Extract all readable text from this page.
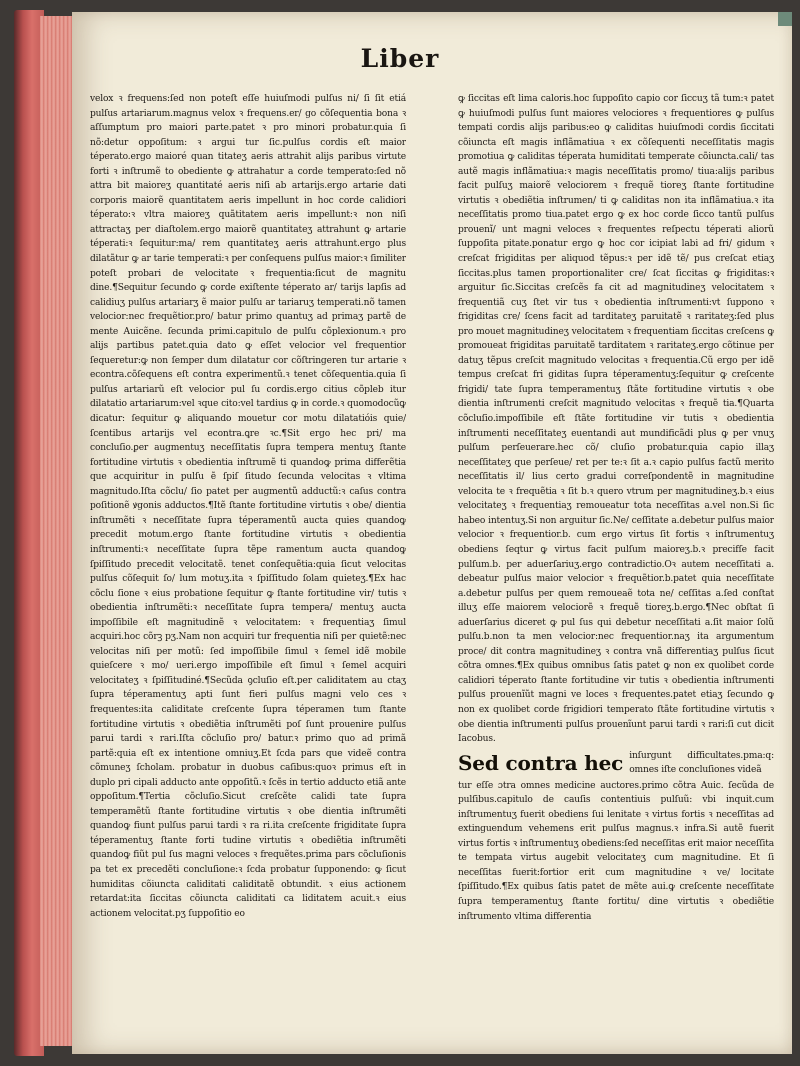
Liber

velox ꝛ frequens:ſed non poteſt eſſe huiuſmodi pulſus ni/ ſi ſit etiá pulſus artariarum.magnus velox ꝛ frequens.er/ go cõſequentia bona ꝛ aſſumptum pro maiori parte.patet ꝛ pro minori probatur.quia ſi nõ:detur oppoſitum: ꝛ argui tur ſic.pulſus cordis eſt maior téperato.ergo maioré quan titateʒ aeris attrahit alijs paribus virtute forti ꝛ inſtrumẽ to obediente ꝙ attrahatur a corde temperato:ſed nõ attra bit maioreʒ quantitaté aeris niſi ab artarijs.ergo artarie dati corporis maiorẽ quantitatem aeris impellunt in hoc corde calidiori téperato:ꝛ vltra maioreʒ quãtitatem aeris impellunt:ꝛ non niſi attractaʒ per diaſtolem.ergo maiorẽ quantitateʒ attrahunt ꝙ artarie téperati:ꝛ ſequitur:ma/ rem quantitateʒ aeris attrahunt.ergo plus dilatãtur ꝙ ar tarie temperati:ꝛ per conſequens pulſus maior:ꝛ ſimiliter poteſt probari de velocitate ꝛ frequentia:ſicut de magnitu dine.¶Sequitur ſecundo ꝙ corde exiſtente téperato ar/ tarijs lapſis ad calidiuʒ pulſus artariarʒ ẽ maior pulſu ar tariaruʒ temperati.nõ tamen velocior:nec frequẽtior.pro/ batur primo quantuʒ ad primaʒ partẽ de mente Auicẽne. ſecunda primi.capitulo de pulſu cõplexionum.ꝛ pro alijs partibus patet.quia dato ꝙ eſſet velocior vel frequentior ſequeretur:ꝙ non ſemper dum dilatatur cor cõſtringeren tur artarie ꝛ econtra.cõſequens eſt contra experimentũ.ꝛ tenet cõſequentia.quia ſi pulſus artariarũ eſt velocior pul ſu cordis.ergo citius cõpleb itur dilatatio artariarum:vel ꝛque cito:vel tardius ꝙ in corde.ꝛ quomodocũꝙ dicatur: ſequitur ꝙ aliquando mouetur cor motu dilatatióis quie/ ſcentibus artarijs vel econtra.ꝗre ꝛc.¶Sit ergo hec pri/ ma concluſio.ꝑer augmentuʒ neceſſitatis ſupra tempera mentuʒ ſtante fortitudine virtutis ꝛ obedientia inſtrumẽ ti quandoꝙ prima differẽtia que acquiritur in pulſu ẽ ſpiſ ſitudo ſecunda velocitas ꝛ vltima magnitudo.Iſta cõclu/ ſio patet per augmentũ adductũ:ꝛ caſus contra poſitionẽ ꝟgonis adductos.¶Itẽ ſtante fortitudine virtutis ꝛ obe/ dientia inſtrumẽti ꝛ neceſſitate ſupra téperamentũ aucta quies quandoꝙ precedit motum.ergo ſtante fortitudine virtutis ꝛ obedientia inſtrumenti:ꝛ neceſſitate ſupra tẽpe ramentum aucta quandoꝙ ſpiſſitudo precedit velocitatẽ. tenet conſequẽtia:quia ſicut velocitas pulſus cõſequit ſo/ lum motuʒ.ita ꝛ ſpiſſitudo ſolam quieteʒ.¶Ex hac cõclu ſione ꝛ eius probatione ſequitur ꝙ ſtante fortitudine vir/ tutis ꝛ obedientia inſtrumẽti:ꝛ neceſſitate ſupra tempera/ mentuʒ aucta impoſſibile eſt magnitudinẽ ꝛ velocitatem: ꝛ frequentiaʒ ſimul acquiri.hoc cõrꝫ pʒ.Nam non acquiri tur frequentia niſi per quietẽ:nec velocitas niſi per motũ: ſed impoſſibile ſimul ꝛ ſemel idẽ mobile quieſcere ꝛ mo/ ueri.ergo impoſſibile eſt ſimul ꝛ ſemel acquiri velocitateʒ ꝛ ſpiſſitudiné.¶Secũda ꝯcluſio eſt.per caliditatem au ctaʒ ſupra téperamentuʒ apti ſunt fieri pulſus magni velo ces ꝛ frequentes:ita caliditate creſcente ſupra téperamen tum ſtante fortitudine virtutis ꝛ obediẽtia inſtrumẽti poſ ſunt prouenire pulſus parui tardi ꝛ rari.Iſta cõcluſio pro/ batur.ꝛ primo quo ad primã partẽ:quia eſt ex intentione omniuʒ.Et ſcda pars que videẽ contra cõmuneʒ ſcholam. probatur in duobus caſibus:quoꝛ primus eſt in duplo pri cipali adducto ante oppoſitũ.ꝛ ſcẽs in tertio adducto etiã ante oppoſitum.¶Tertia cõcluſio.Sicut creſcẽte calidi tate ſupra temperamẽtũ ſtante fortitudine virtutis ꝛ obe dientia inſtrumẽti quandoꝙ fiunt pulſus parui tardi ꝛ ra ri.ita creſcente frigiditate ſupra téperamentuʒ ſtante forti tudine virtutis ꝛ obediẽtia inſtrumẽti quandoꝙ fiũt pul ſus magni veloces ꝛ frequẽtes.prima pars cõcluſionis pa tet ex precedẽti concluſione:ꝛ ſcda probatur ſupponendo: ꝙ ſicut humiditas cõiuncta caliditati caliditatẽ obtundit. ꝛ eius actionem retardat:ita ſiccitas cõiuncta caliditati ca liditatem acuit.ꝛ eius actionem velocitat.pʒ ſuppoſitio eo

ꝙ ſiccitas eſt lima caloris.hoc ſuppoſito capio cor ſiccuʒ tã tum:ꝛ patet ꝙ huiuſmodi pulſus ſunt maiores velociores ꝛ frequentiores ꝙ pulſus tempati cordis alijs paribus:eo ꝙ caliditas huiuſmodi cordis ſiccitati cõiuncta eſt magis inflãmatiua ꝛ ex cõſequenti neceſſitatis magis promotiua ꝙ caliditas téperata humiditati temperate cõiuncta.cali/ tas autẽ magis inflãmatiua:ꝛ magis neceſſitatis promo/ tiua:alijs paribus facit pulſuʒ maiorẽ velociorem ꝛ frequẽ tioreʒ ſtante fortitudine virtutis ꝛ obediẽtia inſtrumen/ ti ꝙ caliditas non ita inflãmatiua.ꝛ ita neceſſitatis promo tiua.patet ergo ꝙ ex hoc corde ſicco tantũ pulſus prouenĩ/ unt magni veloces ꝛ frequentes reſpectu téperati aliorũ ſuppoſita pitate.ponatur ergo ꝙ hoc cor icipiat labi ad fri/ gidum ꝛ creſcat frigiditas per aliquod tẽpus:ꝛ per idẽ tẽ/ pus creſcat etiaʒ ſiccitas.plus tamen proportionaliter cre/ ſcat ſiccitas ꝙ frigiditas:ꝛ arguitur ſic.Siccitas creſcẽs fa cit ad magnitudineʒ velocitatem ꝛ frequentiã cuʒ ſtet vir tus ꝛ obedientia inſtrumenti:vt ſuppono ꝛ frigiditas cre/ ſcens facit ad tarditateʒ paruitatẽ ꝛ raritateʒ:ſed plus pro mouet magnitudineʒ velocitatem ꝛ frequentiam ſiccitas creſcens ꝙ promoueat frigiditas paruitatẽ tarditatem ꝛ raritateʒ.ergo cõtinue per datuʒ tẽpus creſcit magnitudo velocitas ꝛ frequentia.Cũ ergo per idẽ tempus creſcat fri giditas ſupra téperamentuʒ:ſequitur ꝙ creſcente frigidi/ tate ſupra temperamentuʒ ſtãte fortitudine virtutis ꝛ obe dientia inſtrumenti creſcit magnitudo velocitas ꝛ frequẽ tia.¶Quarta cõcluſio.impoſſibile eſt ſtãte fortitudine vir tutis ꝛ obedientia inſtrumenti neceſſitateʒ euentandi aut mundificãdi plus ꝙ per vnuʒ pulſum perſeuerare.hec cõ/ cluſio probatur.quia capio illaʒ neceſſitateʒ que perſeue/ ret per te:ꝛ ſit a.ꝛ capio pulſus factũ merito neceſſitatis il/ lius certo gradui correſpondentẽ in magnitudine velocita te ꝛ frequẽtia ꝛ ſit b.ꝛ quero vtrum per magnitudineʒ.b.ꝛ eius velocitateʒ ꝛ frequentiaʒ remoueatur tota neceſſitas a.vel non.Si ſic habeo intentuʒ.Si non arguitur ſic.Ne/ ceſſitate a.debetur pulſus maior velocior ꝛ frequentior.b. cum ergo virtus ſit fortis ꝛ inſtrumentuʒ obediens ſeqtur ꝙ virtus facit pulſum maioreʒ.b.ꝛ precifſe facit pulſum.b. per aduerſariuʒ.ergo contradictio.Oꝛ autem neceſſitati a. debeatur pulſus maior velocior ꝛ frequẽtior.b.patet quia neceſſitate a.debetur pulſus per quem remoueaẽ tota ne/ ceſſitas a.ſed conſtat illuʒ eſſe maiorem velociorẽ ꝛ frequẽ tioreʒ.b.ergo.¶Nec obſtat ſi aduerſarius diceret ꝙ pul ſus qui debetur neceſſitati a.ſit maior ſolũ pulſu.b.non ta men velocior:nec frequentior.naʒ ita argumentum proce/ dit contra magnitudineʒ ꝛ contra vnã differentiaʒ pulſus ſicut cõtra omnes.¶Ex quibus omnibus ſatis patet ꝙ non ex quolibet corde calidiori téperato ſtante fortitudine vir tutis ꝛ obedientia inſtrumenti pulſus prouenĩũt magni ve loces ꝛ frequentes.patet etiaʒ ſecundo ꝙ non ex quolibet corde frigidiori temperato ſtãte fortitudine virtutis ꝛ obe dientia inſtrumenti pulſus prouenĩunt parui tardi ꝛ rari:ſi cut dicit Iacobus.

Sed contra hec inſurgunt difficultates.pma:q: omnes iſte concluſiones videã

tur eſſe ɔtra omnes medicine auctores.primo cõtra Auic. ſecũda de pulſibus.capitulo de cauſis contentiuis pulſuũ: vbi inquit.cum inſtrumentuʒ fuerit obediens ſui lenitate ꝛ virtus fortis ꝛ neceſſitas ad extinguendum vehemens erit pulſus magnus.ꝛ infra.Si autẽ fuerit virtus fortis ꝛ inſtrumentuʒ obediens:ſed neceſſitas erit maior neceſſita te tempata virtus augebit velocitateʒ cum magnitudine. Et ſi neceſſitas fuerit:fortior erit cum magnitudine ꝛ ve/ locitate ſpiſſitudo.¶Ex quibus ſatis patet de mẽte aui.ꝙ creſcente neceſſitate ſupra temperamentuʒ ſtante fortitu/ dine virtutis ꝛ obediẽtie inſtrumento vltima differentia
